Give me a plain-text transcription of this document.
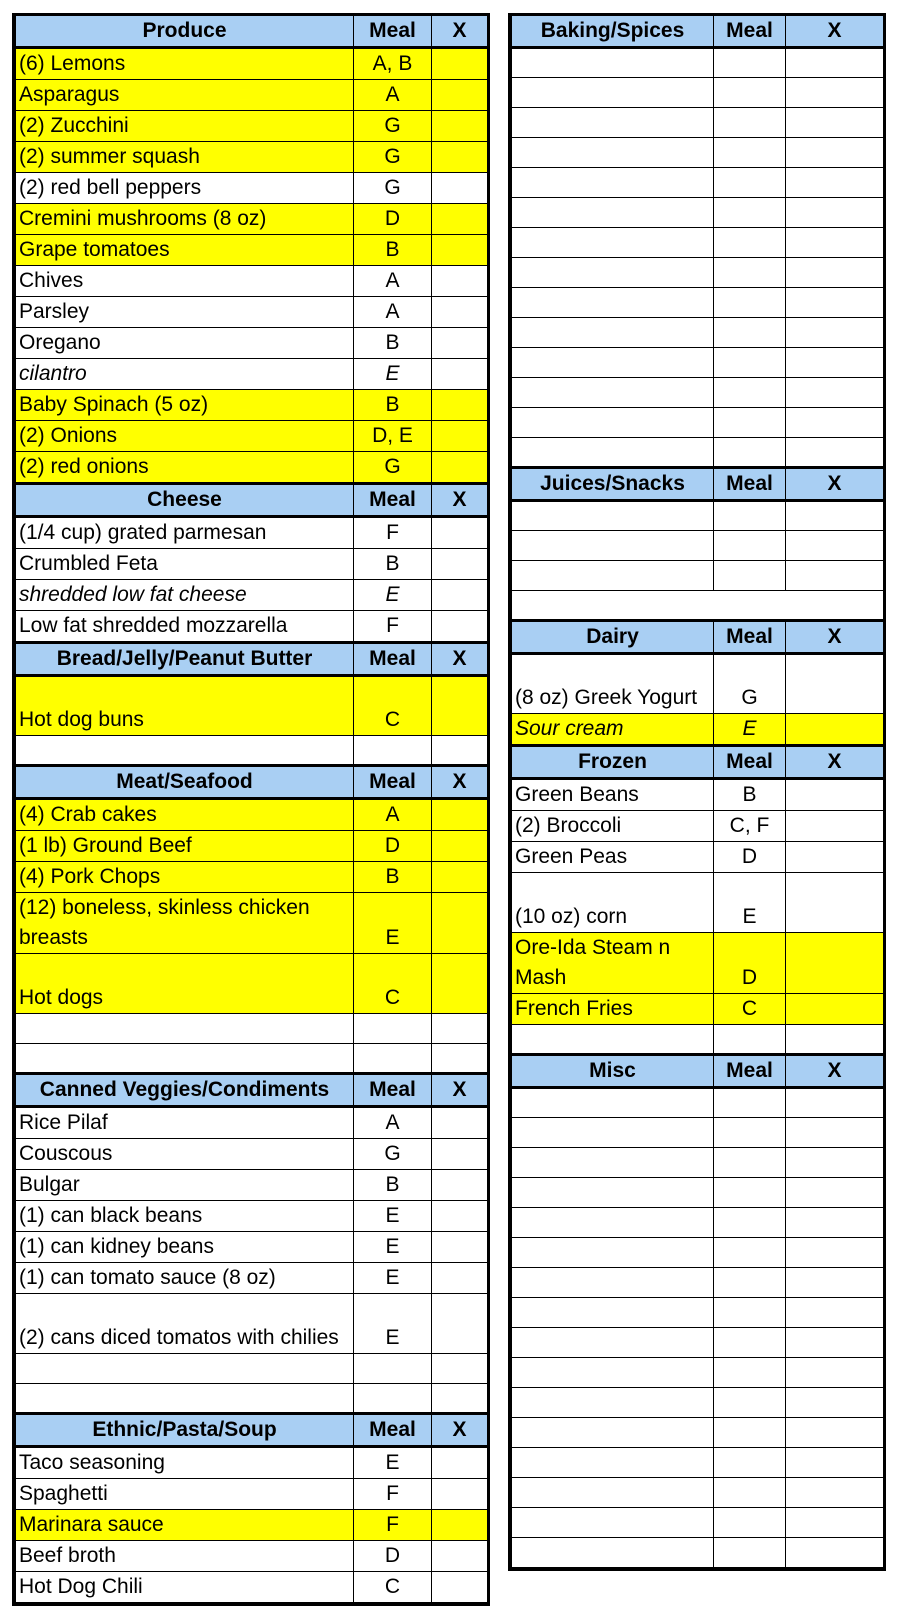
Produce	Meal	X
(6) Lemons	A, B	
Asparagus	A	
(2) Zucchini	G	
(2) summer squash	G	
(2) red bell peppers	G	
Cremini mushrooms (8 oz)	D	
Grape tomatoes	B	
Chives	A	
Parsley	A	
Oregano	B	
cilantro	E	
Baby Spinach (5 oz)	B	
(2) Onions	D, E	
(2) red onions	G	
Cheese	Meal	X
(1/4 cup) grated parmesan	F	
Crumbled Feta	B	
shredded low fat cheese	E	
Low fat shredded mozzarella	F	
Bread/Jelly/Peanut Butter	Meal	X
Hot dog buns	C	

Meat/Seafood	Meal	X
(4) Crab cakes	A	
(1 lb) Ground Beef	D	
(4) Pork Chops	B	
(12) boneless, skinless chicken breasts	E	
Hot dogs	C	

Canned Veggies/Condiments	Meal	X
Rice Pilaf	A	
Couscous	G	
Bulgar	B	
(1) can black beans	E	
(1) can kidney beans	E	
(1) can tomato sauce (8 oz)	E	
(2) cans diced tomatos with chilies	E	

Ethnic/Pasta/Soup	Meal	X
Taco seasoning	E	
Spaghetti	F	
Marinara sauce	F	
Beef broth	D	
Hot Dog Chili	C	
Baking/Spices	Meal	X

Juices/Snacks	Meal	X

Dairy	Meal	X
(8 oz) Greek Yogurt	G	
Sour cream	E	
Frozen	Meal	X
Green Beans	B	
(2) Broccoli	C, F	
Green Peas	D	
(10 oz) corn	E	
Ore-Ida Steam n Mash	D	
French Fries	C	

Misc	Meal	X
